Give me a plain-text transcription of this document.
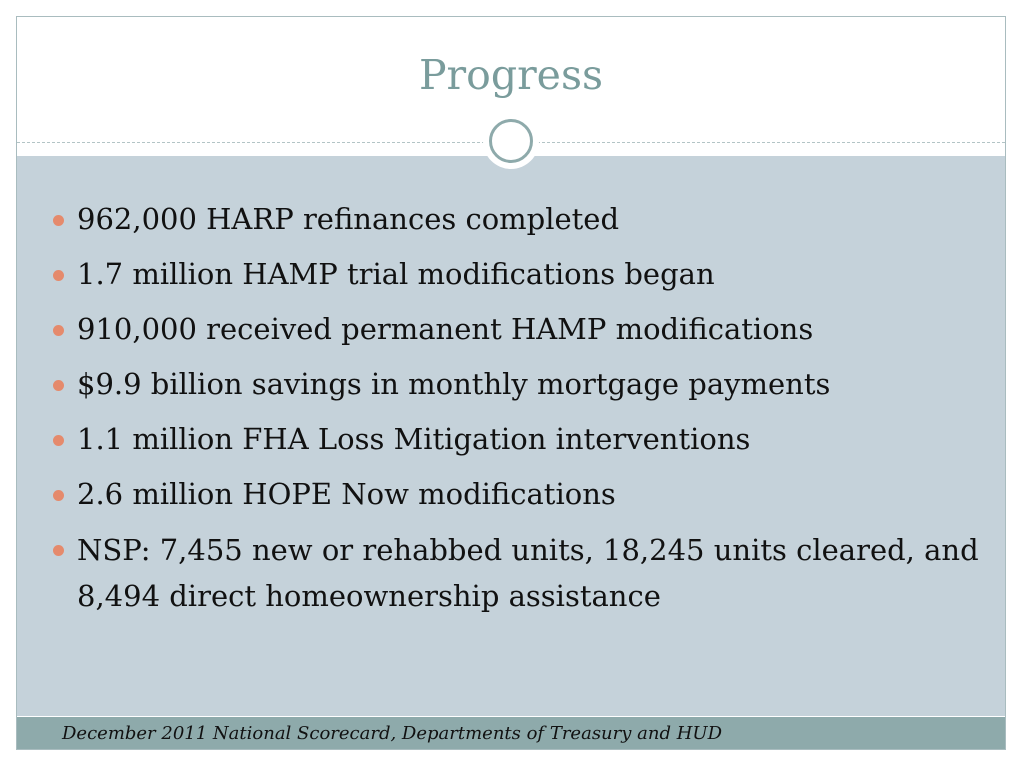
Progress
962,000 HARP refinances completed
1.7 million HAMP trial modifications began
910,000 received permanent HAMP modifications
$9.9 billion savings in monthly mortgage payments
1.1 million FHA Loss Mitigation interventions
2.6 million HOPE Now modifications
NSP: 7,455 new or rehabbed units, 18,245 units cleared, and 8,494 direct homeownership assistance
December 2011 National Scorecard, Departments of Treasury and HUD
